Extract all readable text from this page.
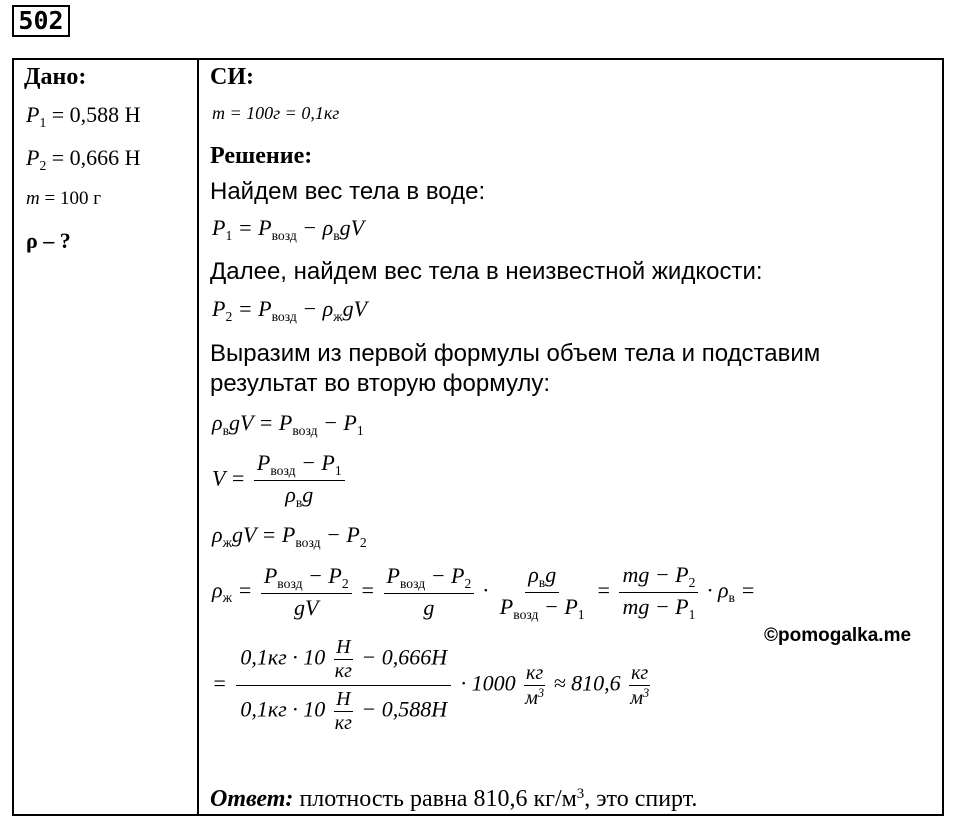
502
Дано:
$P_1 = 0,588$ Н
$P_2 = 0,666$ Н
m = 100 г
ρ – ?
СИ:
m = 100г = 0,1кг
Решение:
Найдем вес тела в воде:
$P_1 = P_{возд} - \rho_вgV$
Далее, найдем вес тела в неизвестной жидкости:
$P_2 = P_{возд} - \rho_жgV$
Выразим из первой формулы объем тела и подставим
результат во вторую формулу:
$\rho_вgV = P_{возд} - P_1$
$V = \frac{P_{возд} - P_1}{\rho_вg}$
$\rho_жgV = P_{возд} - P_2$
$\rho_ж = \frac{P_{возд} - P_2}{gV} = \frac{P_{возд} - P_2}{g} \cdot \frac{\rho_вg}{P_{возд} - P_1} = \frac{mg - P_2}{mg - P_1} \cdot \rho_в$ =
=
0,1кг · 10 Н
кг
− 0,666Н
0,1кг · 10 Н
кг
− 0,588Н
· 1000 кг
$м^3 \approx 810,6$ кг
$м^3$
©pomogalka.me
Ответ: плотность равна 810,6 $кг/м^3$, это спирт.
